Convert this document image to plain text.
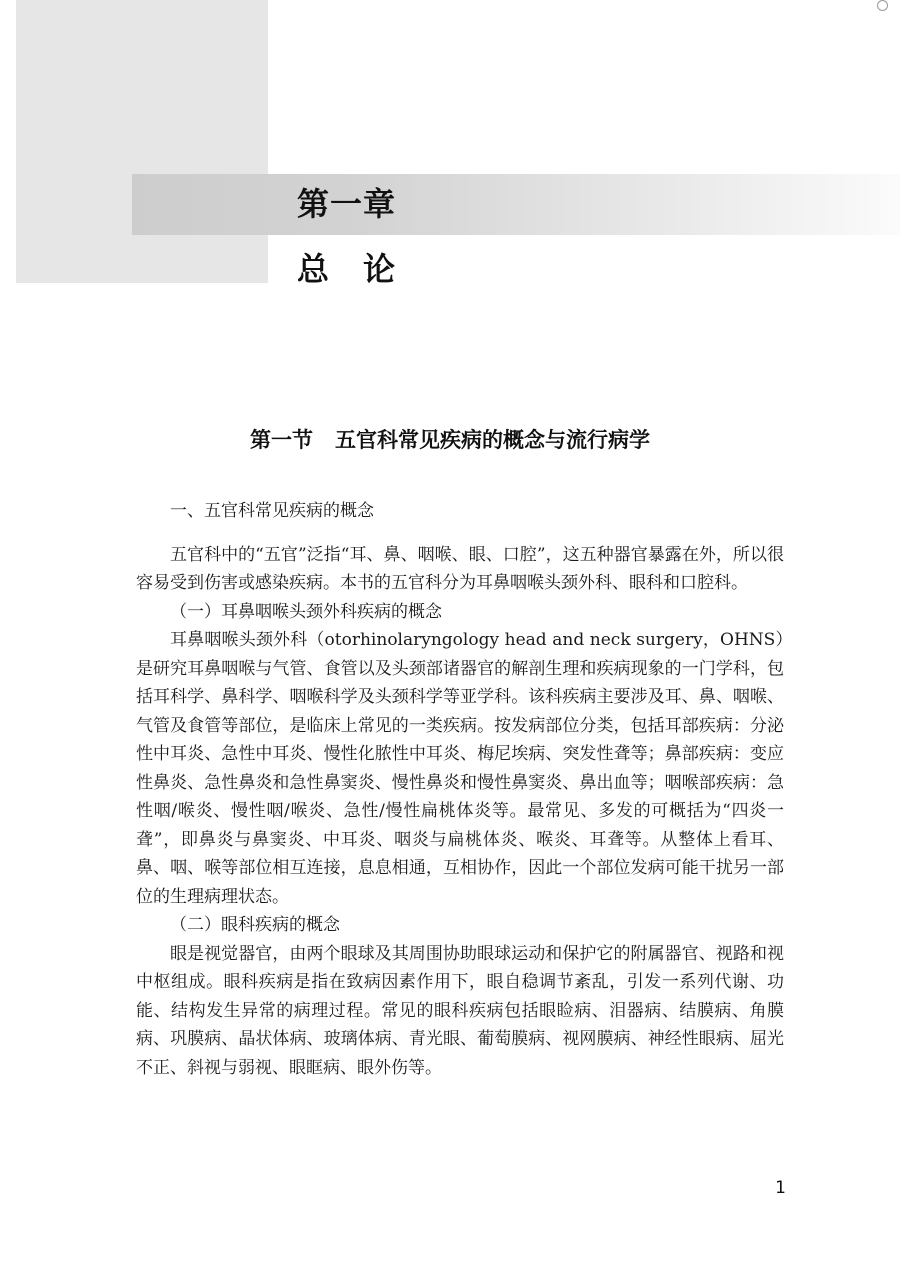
第一章
总论
第一节 五官科常见疾病的概念与流行病学
一、五官科常见疾病的概念

五官科中的“五官”泛指“耳、鼻、咽喉、眼、口腔”，这五种器官暴露在外，所以很容易受到伤害或感染疾病。本书的五官科分为耳鼻咽喉头颈外科、眼科和口腔科。

（一）耳鼻咽喉头颈外科疾病的概念

耳鼻咽喉头颈外科（otorhinolaryngology head and neck surgery，OHNS）是研究耳鼻咽喉与气管、食管以及头颈部诸器官的解剖生理和疾病现象的一门学科，包括耳科学、鼻科学、咽喉科学及头颈科学等亚学科。该科疾病主要涉及耳、鼻、咽喉、气管及食管等部位，是临床上常见的一类疾病。按发病部位分类，包括耳部疾病：分泌性中耳炎、急性中耳炎、慢性化脓性中耳炎、梅尼埃病、突发性聋等；鼻部疾病：变应性鼻炎、急性鼻炎和急性鼻窦炎、慢性鼻炎和慢性鼻窦炎、鼻出血等；咽喉部疾病：急性咽/喉炎、慢性咽/喉炎、急性/慢性扁桃体炎等。最常见、多发的可概括为“四炎一聋”，即鼻炎与鼻窦炎、中耳炎、咽炎与扁桃体炎、喉炎、耳聋等。从整体上看耳、鼻、咽、喉等部位相互连接，息息相通，互相协作，因此一个部位发病可能干扰另一部位的生理病理状态。

（二）眼科疾病的概念

眼是视觉器官，由两个眼球及其周围协助眼球运动和保护它的附属器官、视路和视中枢组成。眼科疾病是指在致病因素作用下，眼自稳调节紊乱，引发一系列代谢、功能、结构发生异常的病理过程。常见的眼科疾病包括眼睑病、泪器病、结膜病、角膜病、巩膜病、晶状体病、玻璃体病、青光眼、葡萄膜病、视网膜病、神经性眼病、屈光不正、斜视与弱视、眼眶病、眼外伤等。

1
